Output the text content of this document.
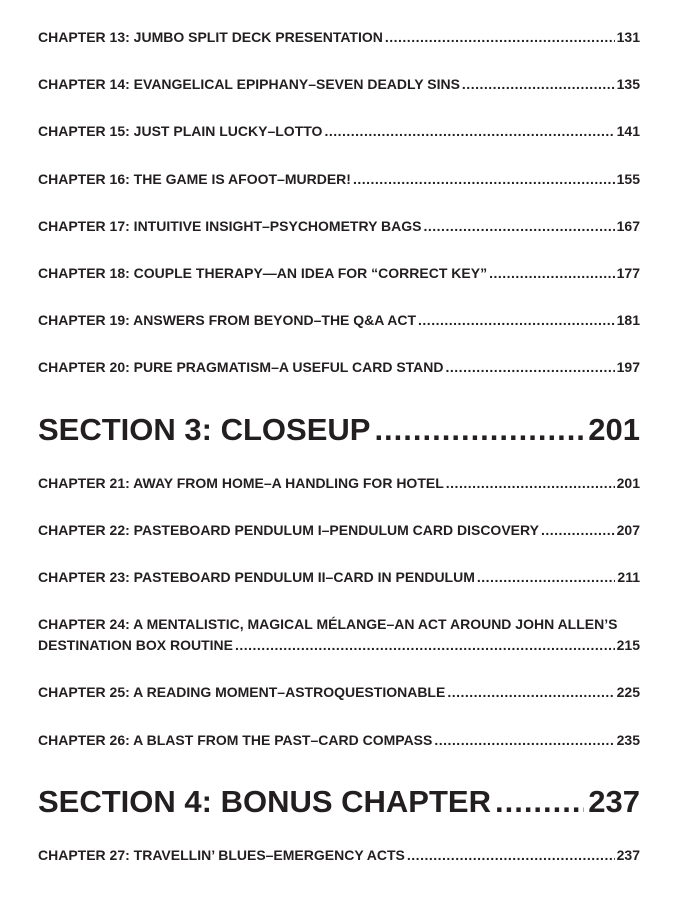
CHAPTER 13: JUMBO SPLIT DECK PRESENTATION .....	131
CHAPTER 14: EVANGELICAL EPIPHANY–SEVEN DEADLY SINS .....	135
CHAPTER 15: JUST PLAIN LUCKY–LOTTO .....	141
CHAPTER 16: THE GAME IS AFOOT–MURDER! .....	155
CHAPTER 17: INTUITIVE INSIGHT–PSYCHOMETRY BAGS .....	167
CHAPTER 18: COUPLE THERAPY—AN IDEA FOR “CORRECT KEY” .....	177
CHAPTER 19: ANSWERS FROM BEYOND–THE Q&A ACT .....	181
CHAPTER 20: PURE PRAGMATISM–A USEFUL CARD STAND .....	197
SECTION 3: CLOSEUP .....	201
CHAPTER 21: AWAY FROM HOME–A HANDLING FOR HOTEL .....	201
CHAPTER 22: PASTEBOARD PENDULUM I–PENDULUM CARD DISCOVERY .....	207
CHAPTER 23: PASTEBOARD PENDULUM II–CARD IN PENDULUM .....	211
CHAPTER 24: A MENTALISTIC, MAGICAL MÉLANGE–AN ACT AROUND JOHN ALLEN’S
DESTINATION BOX ROUTINE .....	215
CHAPTER 25: A READING MOMENT–ASTROQUESTIONABLE .....	225
CHAPTER 26: A BLAST FROM THE PAST–CARD COMPASS .....	235
SECTION 4: BONUS CHAPTER .....	237
CHAPTER 27: TRAVELLIN’ BLUES–EMERGENCY ACTS .....	237
